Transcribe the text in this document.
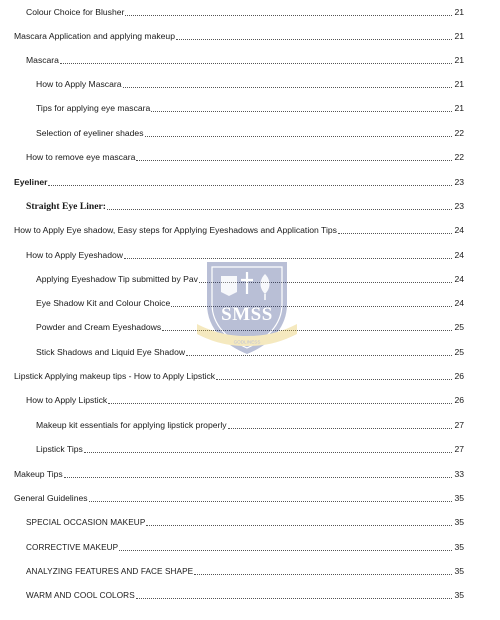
Colour Choice for Blusher	21
Mascara Application and applying makeup	21
Mascara	21
How to Apply Mascara	21
Tips for applying eye mascara	21
Selection of eyeliner shades	22
How to remove eye mascara	22
Eyeliner	23
Straight Eye Liner:	23
How to Apply Eye shadow, Easy steps for Applying Eyeshadows and Application Tips	24
How to Apply Eyeshadow	24
Applying Eyeshadow Tip submitted by Pav	24
Eye Shadow Kit and Colour Choice	24
Powder and Cream Eyeshadows	25
Stick Shadows and Liquid Eye Shadow	25
Lipstick Applying makeup tips - How to Apply Lipstick	26
How to Apply Lipstick	26
Makeup kit essentials for applying lipstick properly	27
Lipstick Tips	27
Makeup Tips	33
General Guidelines	35
SPECIAL OCCASION MAKEUP	35
CORRECTIVE MAKEUP	35
ANALYZING FEATURES AND FACE SHAPE	35
WARM AND COOL COLORS	35
SMSS
GODLINESS
